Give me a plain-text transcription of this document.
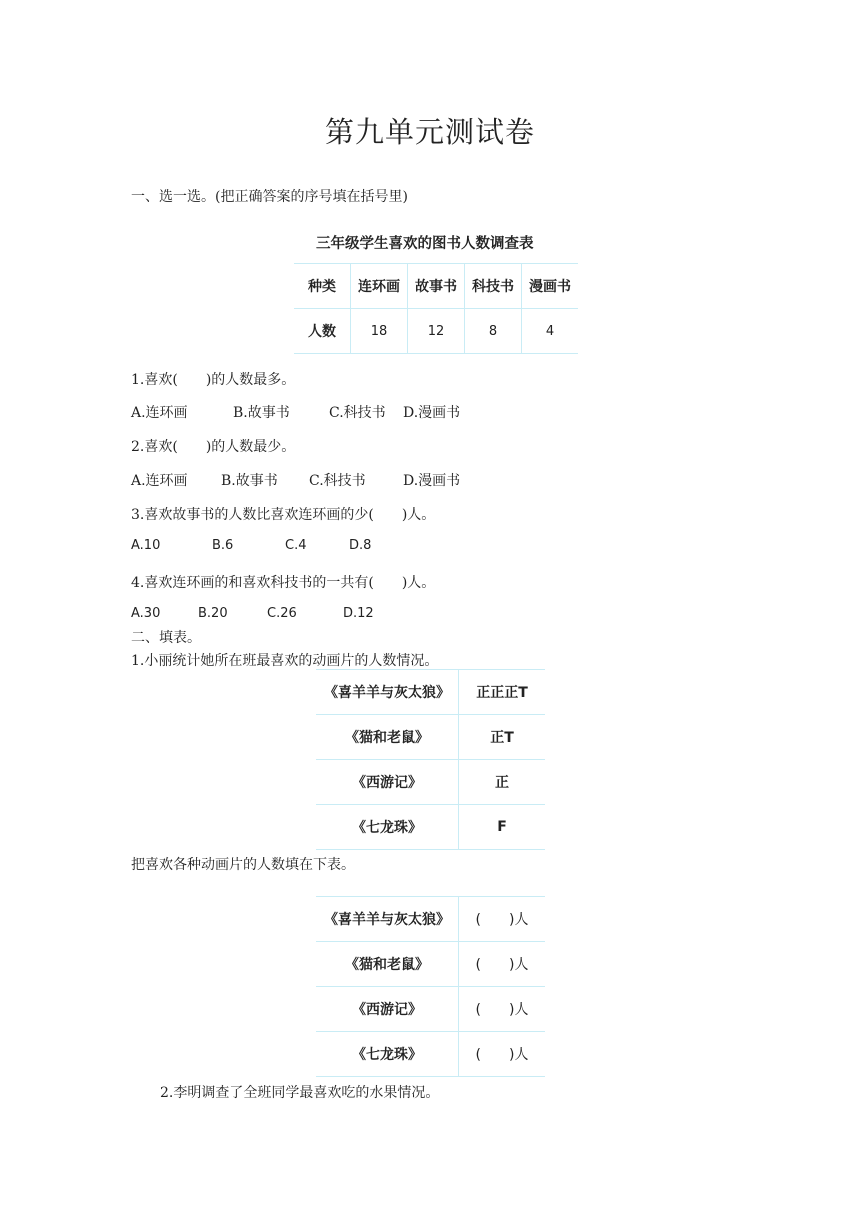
第九单元测试卷
一、选一选。(把正确答案的序号填在括号里)
三年级学生喜欢的图书人数调查表
种类	连环画	故事书	科技书	漫画书
人数	18	12	8	4
1.喜欢(　　)的人数最多。
A.连环画	B.故事书	C.科技书 D.漫画书
2.喜欢(　　)的人数最少。
A.连环画 B.故事书 C.科技书	D.漫画书
3.喜欢故事书的人数比喜欢连环画的少(　　)人。
A.10	B.6	C.4	D.8
4.喜欢连环画的和喜欢科技书的一共有(　　)人。
A.30	B.20	C.26	D.12
二、填表。
1.小丽统计她所在班最喜欢的动画片的人数情况。
《喜羊羊与灰太狼》	正正正T
《猫和老鼠》	正T
《西游记》	正
《七龙珠》	F
把喜欢各种动画片的人数填在下表。
《喜羊羊与灰太狼》	(　　)人
《猫和老鼠》	(　　)人
《西游记》	(　　)人
《七龙珠》	(　　)人
2.李明调查了全班同学最喜欢吃的水果情况。
